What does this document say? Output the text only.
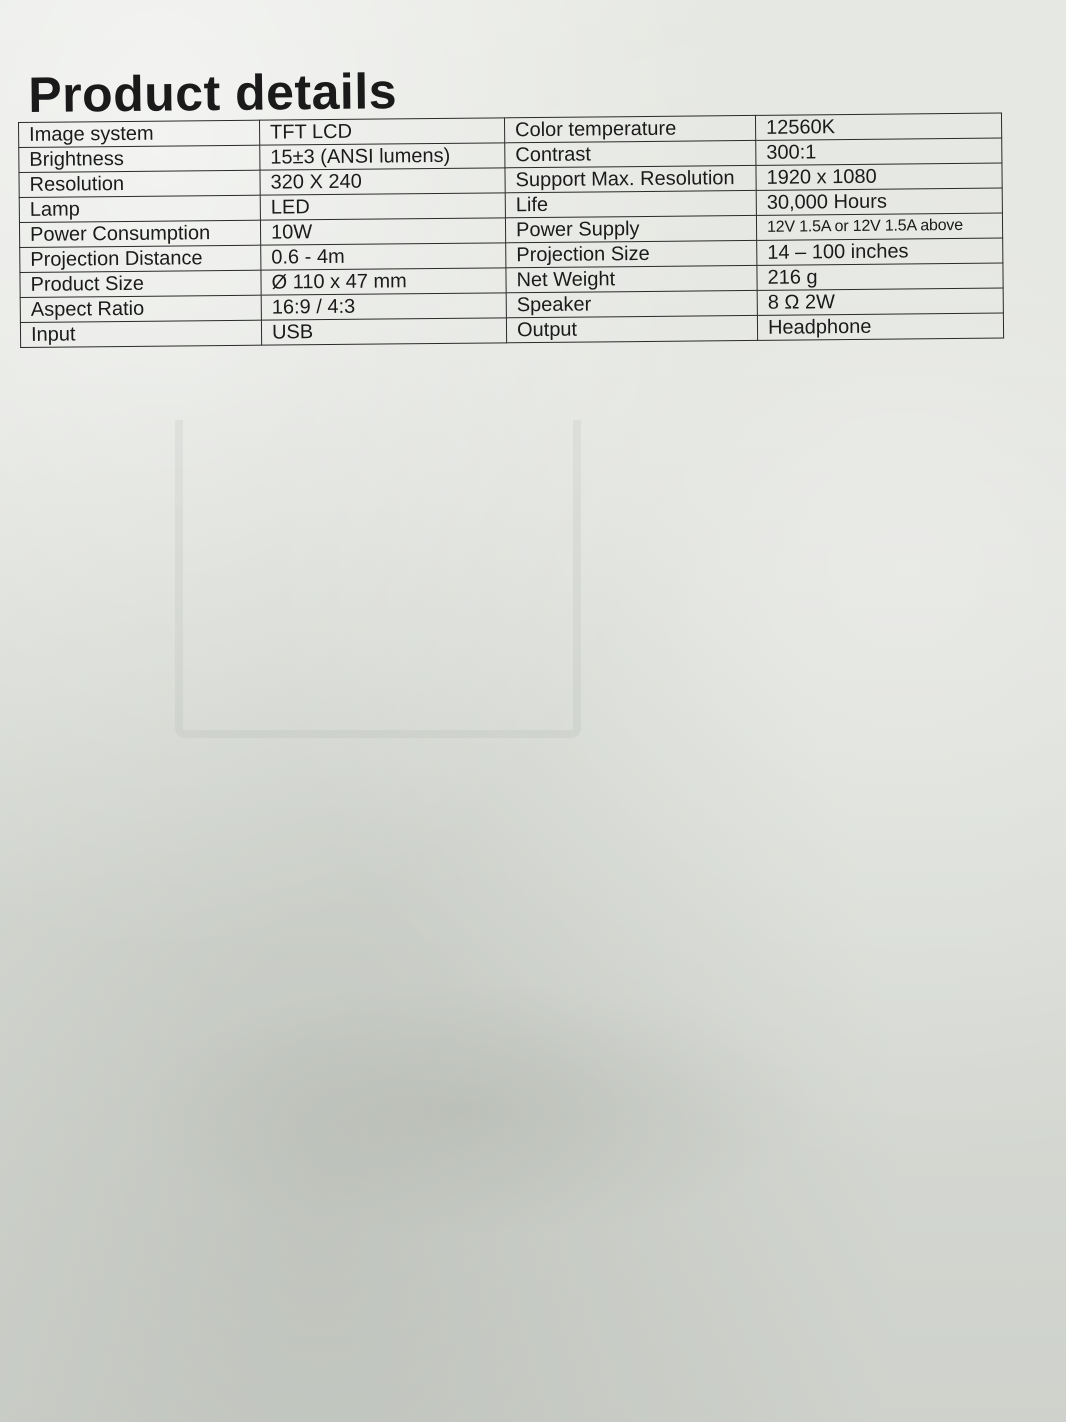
Product details
Image system	TFT LCD	Color temperature	12560K
Brightness	15±3 (ANSI lumens)	Contrast	300:1
Resolution	320 X 240	Support Max. Resolution	1920 x 1080
Lamp	LED	Life	30,000 Hours
Power Consumption	10W	Power Supply	12V 1.5A or 12V 1.5A above
Projection Distance	0.6 - 4m	Projection Size	14 – 100 inches
Product Size	Ø 110 x 47 mm	Net Weight	216 g
Aspect Ratio	16:9 / 4:3	Speaker	8 Ω 2W
Input	USB	Output	Headphone
